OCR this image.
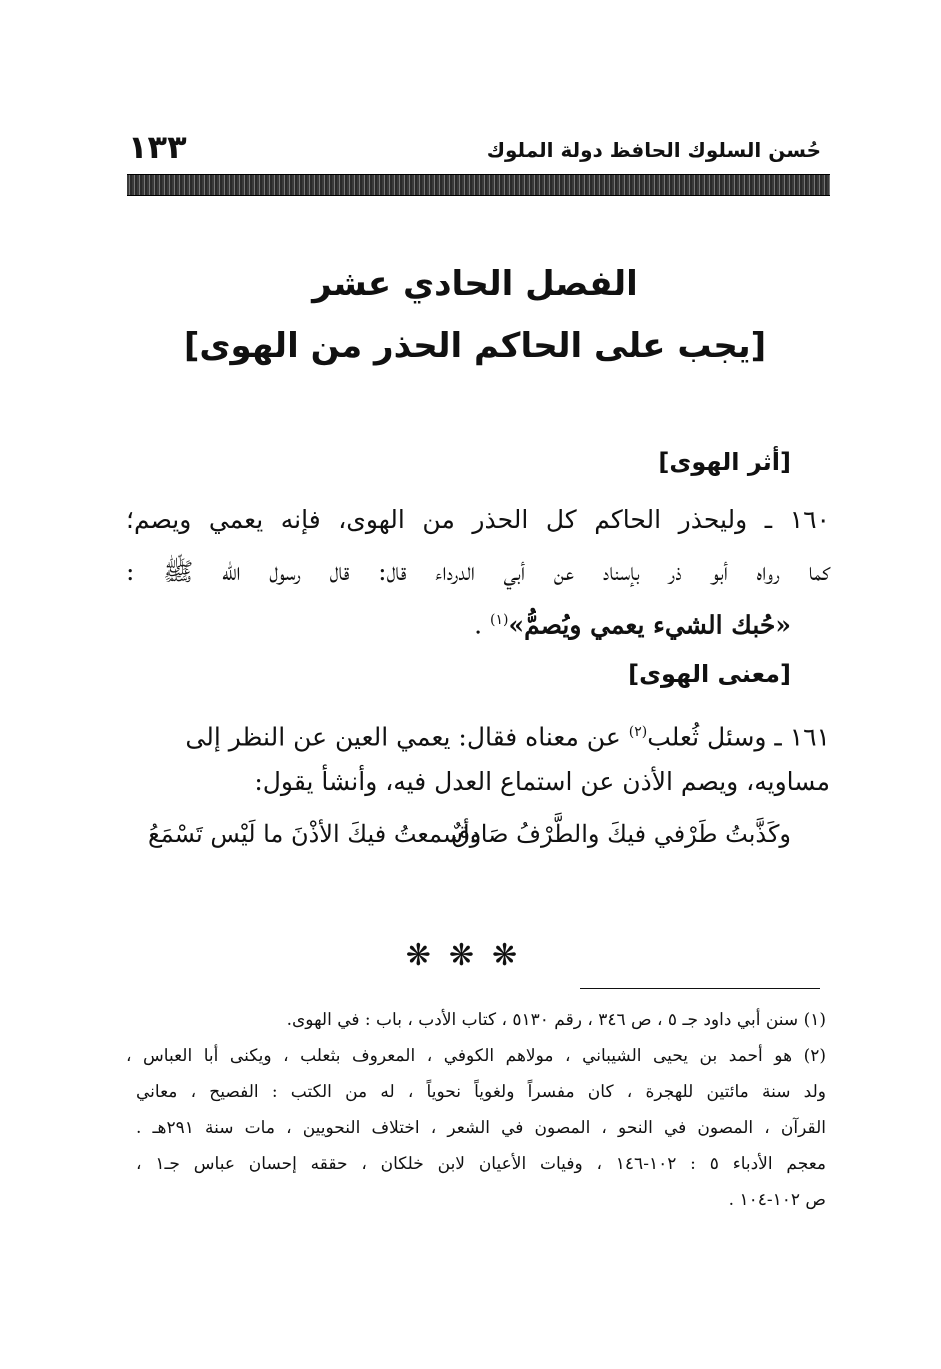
حُسن السلوك الحافظ دولة الملوك
١٣٣
الفصل الحادي عشر
[يجب على الحاكم الحذر من الهوى]
[أثر الهوى]
١٦٠ ـ وليحذر الحاكم كل الحذر من الهوى، فإنه يعمي ويصم؛
كما رواه أبو ذر بإسناد عن أبي الدرداء قال: قال رسول الله ﷺ :
«حُبك الشيء يعمي ويُصمُّ»$^{(١)}$ .
[معنى الهوى]
١٦١ ـ وسئل ثُعلب$^{(٢)}$ عن معناه فقال: يعمي العين عن النظر إلى
مساويه، ويصم الأذن عن استماع العدل فيه، وأنشأ يقول:
وكَذَّبتُ طَرْفي فيكَ والطَّرْفُ صَادقٌ
وأسمعتُ فيكَ الأذْنَ ما لَيْس تَسْمَعُ
❋❋❋
(١) سنن أبي داود جـ ٥ ، ص ٣٤٦ ، رقم ٥١٣٠ ، كتاب الأدب ، باب : في الهوى.
(٢) هو أحمد بن يحيى الشيباني ، مولاهم الكوفي ، المعروف بثعلب ، ويكنى أبا العباس ،
ولد سنة مائتين للهجرة ، كان مفسراً ولغوياً نحوياً ، له من الكتب : الفصيح ، معاني
القرآن ، المصون في النحو ، المصون في الشعر ، اختلاف النحويين ، مات سنة ٢٩١هـ .
معجم الأدباء ٥ : ١٠٢-١٤٦ ، وفيات الأعيان لابن خلكان ، حققه إحسان عباس جـ١ ،
ص ١٠٢-١٠٤ .
